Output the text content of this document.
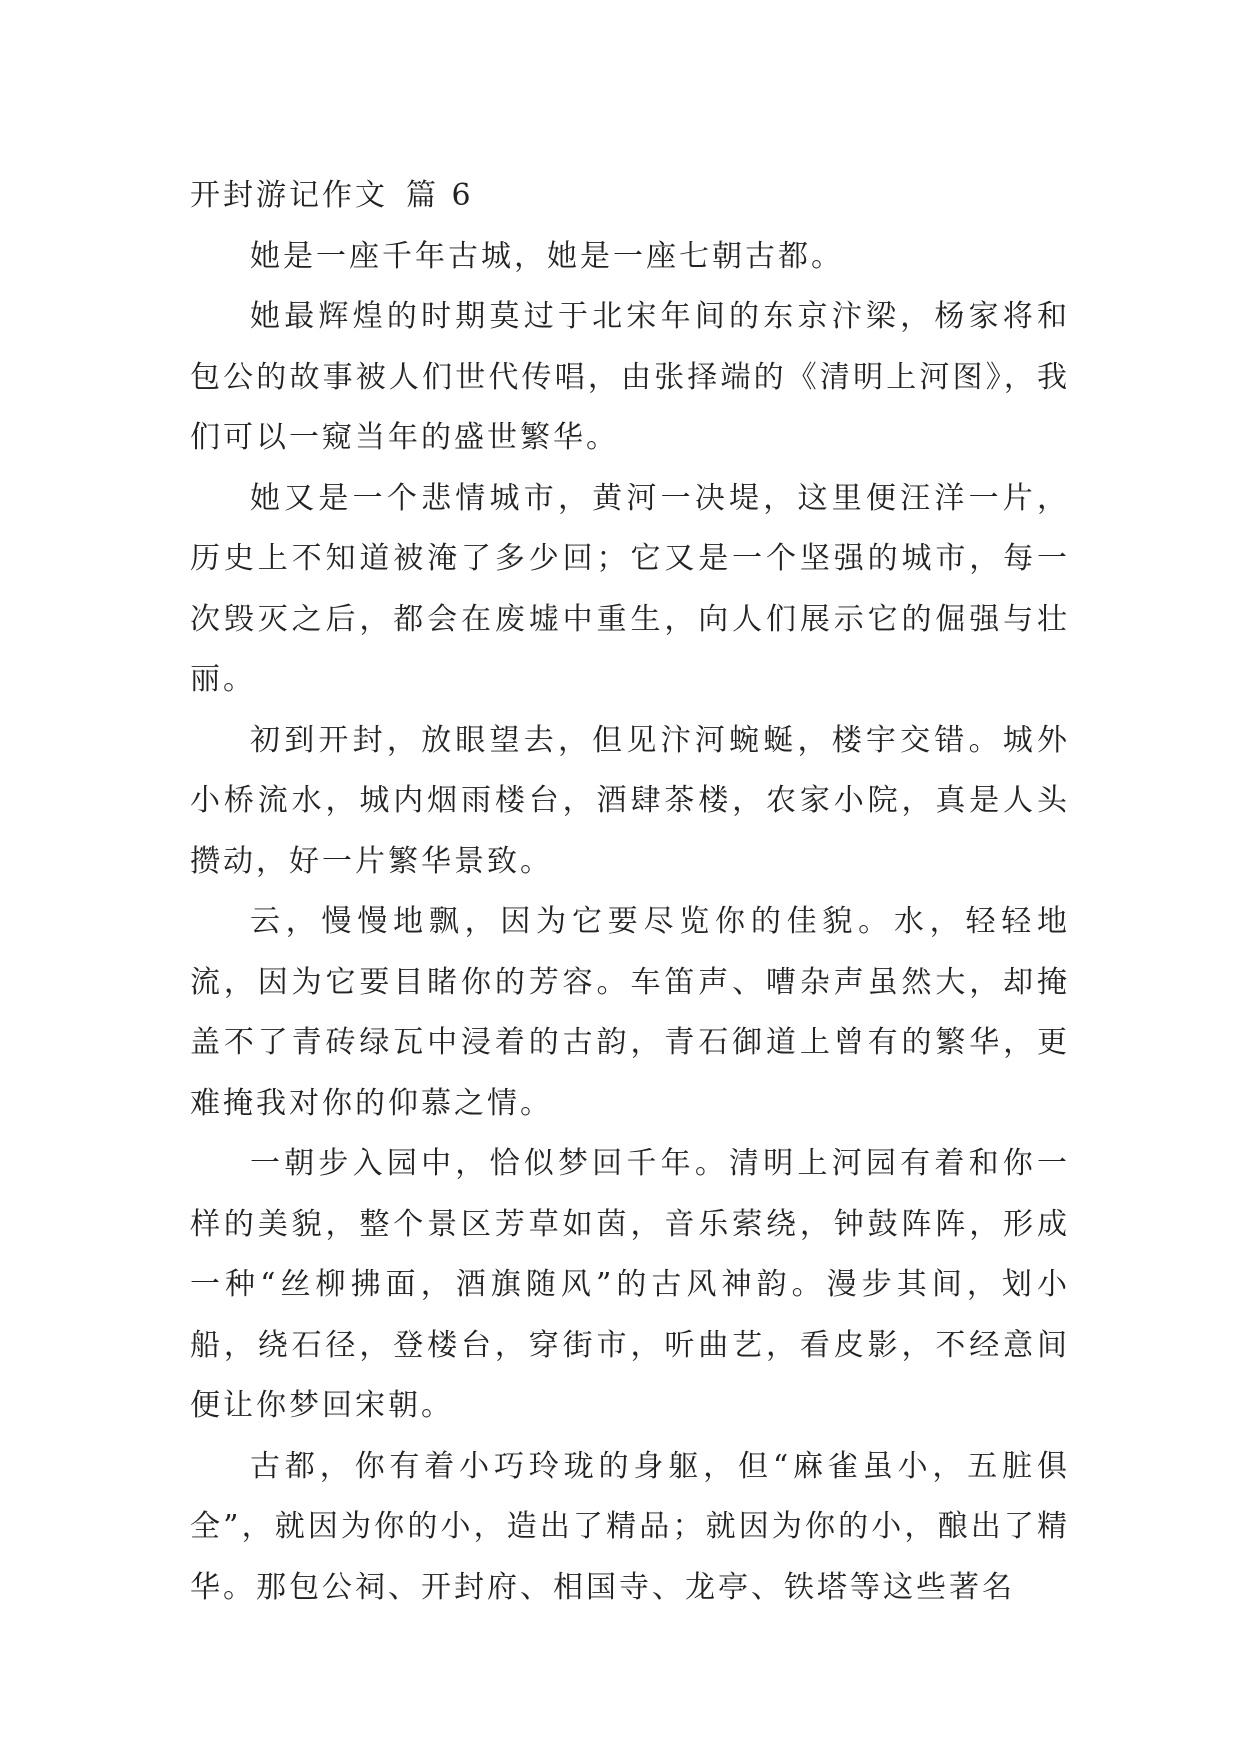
开封游记作文 篇 6

她是一座千年古城，她是一座七朝古都。

她最辉煌的时期莫过于北宋年间的东京汴梁，杨家将和包公的故事被人们世代传唱，由张择端的《清明上河图》，我们可以一窥当年的盛世繁华。

她又是一个悲情城市，黄河一决堤，这里便汪洋一片，历史上不知道被淹了多少回；它又是一个坚强的城市，每一次毁灭之后，都会在废墟中重生，向人们展示它的倔强与壮丽。

初到开封，放眼望去，但见汴河蜿蜒，楼宇交错。城外小桥流水，城内烟雨楼台，酒肆茶楼，农家小院，真是人头攒动，好一片繁华景致。

云，慢慢地飘，因为它要尽览你的佳貌。水，轻轻地流，因为它要目睹你的芳容。车笛声、嘈杂声虽然大，却掩盖不了青砖绿瓦中浸着的古韵，青石御道上曾有的繁华，更难掩我对你的仰慕之情。

一朝步入园中，恰似梦回千年。清明上河园有着和你一样的美貌，整个景区芳草如茵，音乐萦绕，钟鼓阵阵，形成一种“丝柳拂面，酒旗随风”的古风神韵。漫步其间，划小船，绕石径，登楼台，穿街市，听曲艺，看皮影，不经意间便让你梦回宋朝。

古都，你有着小巧玲珑的身躯，但“麻雀虽小，五脏俱全”，就因为你的小，造出了精品；就因为你的小，酿出了精华。那包公祠、开封府、相国寺、龙亭、铁塔等这些著名
